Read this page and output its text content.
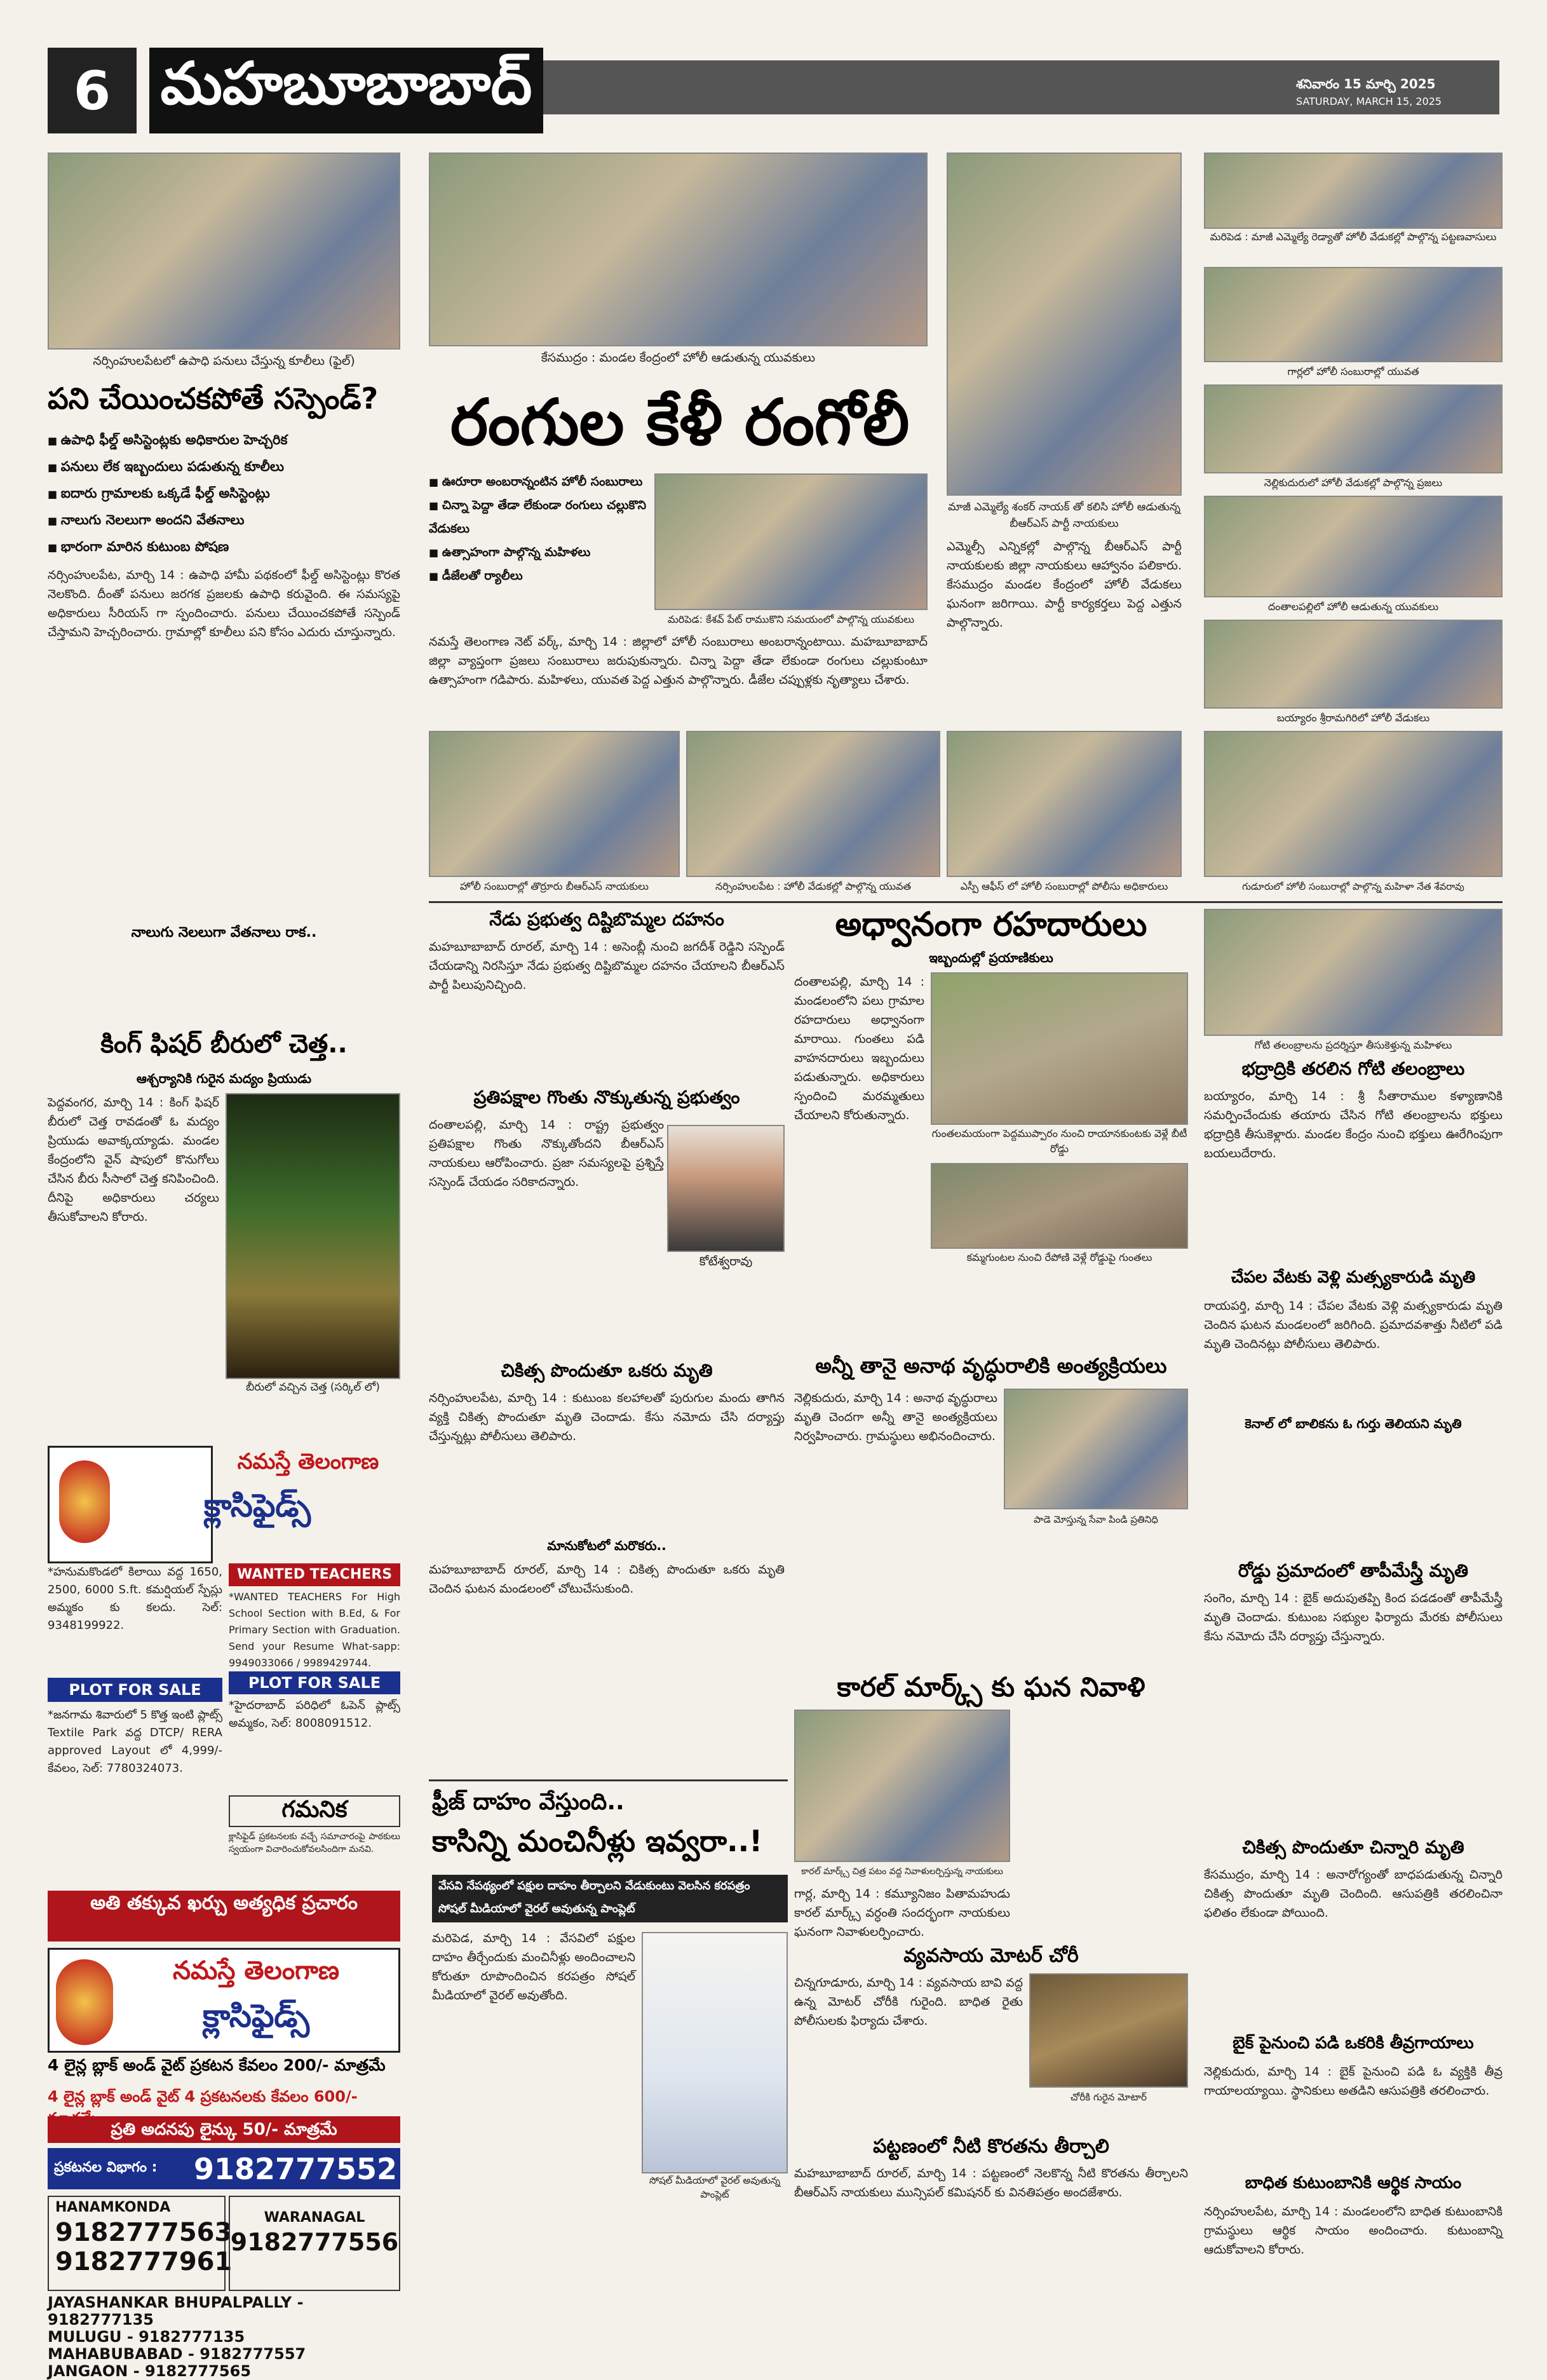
6 మహబూబాబాద్	శనివారం 15 మార్చి 2025
SATURDAY, MARCH 15, 2025
నర్సింహులపేటలో ఉపాధి పనులు చేస్తున్న కూలీలు (ఫైల్)
పని చేయించకపోతే సస్పెండ్?
■ ఉపాధి ఫీల్డ్ అసిస్టెంట్లకు అధికారుల హెచ్చరిక
■ పనులు లేక ఇబ్బందులు పడుతున్న కూలీలు
■ ఐదారు గ్రామాలకు ఒక్కడే ఫీల్డ్ అసిస్టెంట్లు
■ నాలుగు నెలలుగా అందని వేతనాలు
■ భారంగా మారిన కుటుంబ పోషణ
నర్సింహులపేట, మార్చి 14 : ఉపాధి హామీ పథకంలో ఫీల్డ్ అసిస్టెంట్లు కొరత నెలకొంది. దీంతో పనులు జరగక ప్రజలకు ఉపాధి కరువైంది. ఈ సమస్యపై అధికారులు సీరియస్ గా స్పందించారు. పనులు చేయించకపోతే సస్పెండ్ చేస్తామని హెచ్చరించారు. గ్రామాల్లో కూలీలు పని కోసం ఎదురు చూస్తున్నారు.
నాలుగు నెలలుగా వేతనాలు రాక..
కింగ్ ఫిషర్ బీరులో చెత్త..
ఆశ్చర్యానికి గురైన మద్యం ప్రియుడు
పెద్దవంగర, మార్చి 14 : కింగ్ ఫిషర్ బీరులో చెత్త రావడంతో ఓ మద్యం ప్రియుడు అవాక్కయ్యాడు. మండల కేంద్రంలోని వైన్ షాపులో కొనుగోలు చేసిన బీరు సీసాలో చెత్త కనిపించింది. దీనిపై అధికారులు చర్యలు తీసుకోవాలని కోరారు.
బీరులో వచ్చిన చెత్త (సర్కిల్ లో)
నమస్తే తెలంగాణ
క్లాసిఫైడ్స్
*హనుమకొండలో కిలాయి వద్ద 1650, 2500, 6000 S.ft. కమర్షియల్ స్పేస్లు అమ్మకం కు కలదు. సెల్: 9348199922.
WANTED TEACHERS
*WANTED TEACHERS For High School Section with B.Ed, & For Primary Section with Graduation. Send your Resume What-sapp: 9949033066 / 9989429744.
PLOT FOR SALE
*జనగామ శివారులో 5 కొత్త ఇంటి ప్లాట్స్ Textile Park వద్ద DTCP/ RERA approved Layout లో 4,999/- కేవలం, సెల్: 7780324073.
PLOT FOR SALE
*హైదరాబాద్ పరిధిలో ఓపెన్ ప్లాట్స్ అమ్మకం, సెల్: 8008091512.
గమనిక
క్లాసిఫైడ్ ప్రకటనలకు వచ్చే సమాచారంపై పాఠకులు స్వయంగా విచారించుకోవలసిందిగా మనవి.
అతి తక్కువ ఖర్చు అత్యధిక ప్రచారం
నమస్తే తెలంగాణ
క్లాసిఫైడ్స్
4 లైన్ల బ్లాక్ అండ్ వైట్ ప్రకటన కేవలం 200/- మాత్రమే
4 లైన్ల బ్లాక్ అండ్ వైట్ 4 ప్రకటనలకు కేవలం 600/-
ప్రతి అదనపు లైన్కు 50/- మాత్రమే
ప్రకటనల విభాగం : 9182777552
HANAMKONDA
9182777563
9182777961
WARANAGAL
9182777556
JAYASHANKAR BHUPALPALLY - 9182777135
MULUGU - 9182777135
MAHABUBABAD - 9182777557
JANGAON - 9182777565
కేసముద్రం : మండల కేంద్రంలో హోలీ ఆడుతున్న యువకులు
రంగుల కేళీ రంగోలీ
■ ఊరూరా అంబరాన్నంటిన హోలీ సంబురాలు
■ చిన్నా పెద్దా తేడా లేకుండా రంగులు చల్లుకొని వేడుకలు
■ ఉత్సాహంగా పాల్గొన్న మహిళలు
■ డీజేలతో ర్యాలీలు
మరిపెడ: కేశవ్ పేట్ రాముకొని సమయంలో పాల్గొన్న యువకులు
నమస్తే తెలంగాణ నెట్ వర్క్, మార్చి 14 : జిల్లాలో హోలీ సంబురాలు అంబరాన్నంటాయి. మహబూబాబాద్ జిల్లా వ్యాప్తంగా ప్రజలు సంబురాలు జరుపుకున్నారు. చిన్నా పెద్దా తేడా లేకుండా రంగులు చల్లుకుంటూ ఉత్సాహంగా గడిపారు. మహిళలు, యువత పెద్ద ఎత్తున పాల్గొన్నారు. డీజేల చప్పుళ్లకు నృత్యాలు చేశారు.
మాజీ ఎమ్మెల్యే శంకర్ నాయక్ తో కలిసి హోలీ ఆడుతున్న బీఆర్ఎస్ పార్టీ నాయకులు
ఎమ్మెల్సీ ఎన్నికల్లో పాల్గొన్న బీఆర్ఎస్ పార్టీ నాయకులకు జిల్లా నాయకులు ఆహ్వానం పలికారు. కేసముద్రం మండల కేంద్రంలో హోలీ వేడుకలు ఘనంగా జరిగాయి. పార్టీ కార్యకర్తలు పెద్ద ఎత్తున పాల్గొన్నారు.
హోలీ సంబురాల్లో తొర్రూరు బీఆర్ఎస్ నాయకులు	నర్సింహులపేట : హోలీ వేడుకల్లో పాల్గొన్న యువత	ఎస్పీ ఆఫీస్ లో హోలీ సంబురాల్లో పోలీసు అధికారులు
మరిపెడ : మాజీ ఎమ్మెల్యే రెడ్యాతో హోలీ వేడుకల్లో పాల్గొన్న పట్టణవాసులు
గార్లలో హోలీ సంబురాల్లో యువత
నెల్లికుదురులో హోలీ వేడుకల్లో పాల్గొన్న ప్రజలు
దంతాలపల్లిలో హోలీ ఆడుతున్న యువకులు
బయ్యారం శ్రీరామగిరిలో హోలీ వేడుకలు
గుడూరులో హోలీ సంబురాల్లో పాల్గొన్న మహిళా నేత శేవరావు
గోటి తలంబ్రాలను ప్రదర్శిస్తూ తీసుకెళ్తున్న మహిళలు
భద్రాద్రికి తరలిన గోటి తలంబ్రాలు
బయ్యారం, మార్చి 14 : శ్రీ సీతారాముల కళ్యాణానికి సమర్పించేందుకు తయారు చేసిన గోటి తలంబ్రాలను భక్తులు భద్రాద్రికి తీసుకెళ్లారు. మండల కేంద్రం నుంచి భక్తులు ఊరేగింపుగా బయలుదేరారు.
చేపల వేటకు వెళ్లి మత్స్యకారుడి మృతి
రాయపర్తి, మార్చి 14 : చేపల వేటకు వెళ్లి మత్స్యకారుడు మృతి చెందిన ఘటన మండలంలో జరిగింది. ప్రమాదవశాత్తు నీటిలో పడి మృతి చెందినట్లు పోలీసులు తెలిపారు.
కెనాల్ లో బాలికను ఓ గుర్తు తెలియని మృతి
రోడ్డు ప్రమాదంలో తాపీమేస్త్రీ మృతి
సంగెం, మార్చి 14 : బైక్ అదుపుతప్పి కింద పడడంతో తాపీమేస్త్రీ మృతి చెందాడు. కుటుంబ సభ్యుల ఫిర్యాదు మేరకు పోలీసులు కేసు నమోదు చేసి దర్యాప్తు చేస్తున్నారు.
చికిత్స పొందుతూ చిన్నారి మృతి
కేసముద్రం, మార్చి 14 : అనారోగ్యంతో బాధపడుతున్న చిన్నారి చికిత్స పొందుతూ మృతి చెందింది. ఆసుపత్రికి తరలించినా ఫలితం లేకుండా పోయింది.
బైక్ పైనుంచి పడి ఒకరికి తీవ్రగాయాలు
నెల్లికుదురు, మార్చి 14 : బైక్ పైనుంచి పడి ఓ వ్యక్తికి తీవ్ర గాయాలయ్యాయి. స్థానికులు అతడిని ఆసుపత్రికి తరలించారు.
బాధిత కుటుంబానికి ఆర్థిక సాయం
నర్సింహులపేట, మార్చి 14 : మండలంలోని బాధిత కుటుంబానికి గ్రామస్థులు ఆర్థిక సాయం అందించారు. కుటుంబాన్ని ఆదుకోవాలని కోరారు.
నేడు ప్రభుత్వ దిష్టిబొమ్మల దహనం
మహబూబాబాద్ రూరల్, మార్చి 14 : అసెంబ్లీ నుంచి జగదీశ్ రెడ్డిని సస్పెండ్ చేయడాన్ని నిరసిస్తూ నేడు ప్రభుత్వ దిష్టిబొమ్మల దహనం చేయాలని బీఆర్ఎస్ పార్టీ పిలుపునిచ్చింది.
ప్రతిపక్షాల గొంతు నొక్కుతున్న ప్రభుత్వం
దంతాలపల్లి, మార్చి 14 : రాష్ట్ర ప్రభుత్వం ప్రతిపక్షాల గొంతు నొక్కుతోందని బీఆర్ఎస్ నాయకులు ఆరోపించారు. ప్రజా సమస్యలపై ప్రశ్నిస్తే సస్పెండ్ చేయడం సరికాదన్నారు.
కోటేశ్వరావు
చికిత్స పొందుతూ ఒకరు మృతి
నర్సింహులపేట, మార్చి 14 : కుటుంబ కలహాలతో పురుగుల మందు తాగిన వ్యక్తి చికిత్స పొందుతూ మృతి చెందాడు. కేసు నమోదు చేసి దర్యాప్తు చేస్తున్నట్లు పోలీసులు తెలిపారు.
మానుకోటలో మరొకరు..
మహబూబాబాద్ రూరల్, మార్చి 14 : చికిత్స పొందుతూ ఒకరు మృతి చెందిన ఘటన మండలంలో చోటుచేసుకుంది.
అధ్వానంగా రహదారులు
ఇబ్బందుల్లో ప్రయాణికులు
దంతాలపల్లి, మార్చి 14 : మండలంలోని పలు గ్రామాల రహదారులు అధ్వానంగా మారాయి. గుంతలు పడి వాహనదారులు ఇబ్బందులు పడుతున్నారు. అధికారులు స్పందించి మరమ్మతులు చేయాలని కోరుతున్నారు.
గుంతలమయంగా పెద్దముప్పారం నుంచి రాయానకుంటకు వెళ్లే బీటీ రోడ్డు
కమ్మగుంటల నుంచి రేపోణి వెళ్లే రోడ్డుపై గుంతలు
అన్నీ తానై అనాథ వృద్ధురాలికి అంత్యక్రియలు
పాడె మోస్తున్న సేవా పిండి ప్రతినిధి
నెల్లికుదురు, మార్చి 14 : అనాథ వృద్ధురాలు మృతి చెందగా అన్నీ తానై అంత్యక్రియలు నిర్వహించారు. గ్రామస్థులు అభినందించారు.
కారల్ మార్క్స్ కు ఘన నివాళి
కారల్ మార్క్స్ చిత్ర పటం వద్ద నివాళులర్పిస్తున్న నాయకులు
గార్ల, మార్చి 14 : కమ్యూనిజం పితామహుడు కారల్ మార్క్స్ వర్ధంతి సందర్భంగా నాయకులు ఘనంగా నివాళులర్పించారు.
ఫ్రీజ్ దాహం వేస్తుంది..
కాసిన్ని మంచినీళ్లు ఇవ్వరా..!
వేసవి నేపథ్యంలో పక్షుల దాహం తీర్చాలని వేడుకుంటు వెలసిన కరపత్రం
సోషల్ మీడియాలో వైరల్ అవుతున్న పాంప్లెట్
మరిపెడ, మార్చి 14 : వేసవిలో పక్షుల దాహం తీర్చేందుకు మంచినీళ్లు అందించాలని కోరుతూ రూపొందించిన కరపత్రం సోషల్ మీడియాలో వైరల్ అవుతోంది.
సోషల్ మీడియాలో వైరల్ అవుతున్న పాంప్లెట్
వ్యవసాయ మోటర్ చోరీ
చిన్నగూడూరు, మార్చి 14 : వ్యవసాయ బావి వద్ద ఉన్న మోటర్ చోరీకి గురైంది. బాధిత రైతు పోలీసులకు ఫిర్యాదు చేశారు.
చోరీకి గురైన మోటార్
పట్టణంలో నీటి కొరతను తీర్చాలి
మహబూబాబాద్ రూరల్, మార్చి 14 : పట్టణంలో నెలకొన్న నీటి కొరతను తీర్చాలని బీఆర్ఎస్ నాయకులు మున్సిపల్ కమిషనర్ కు వినతిపత్రం అందజేశారు.
